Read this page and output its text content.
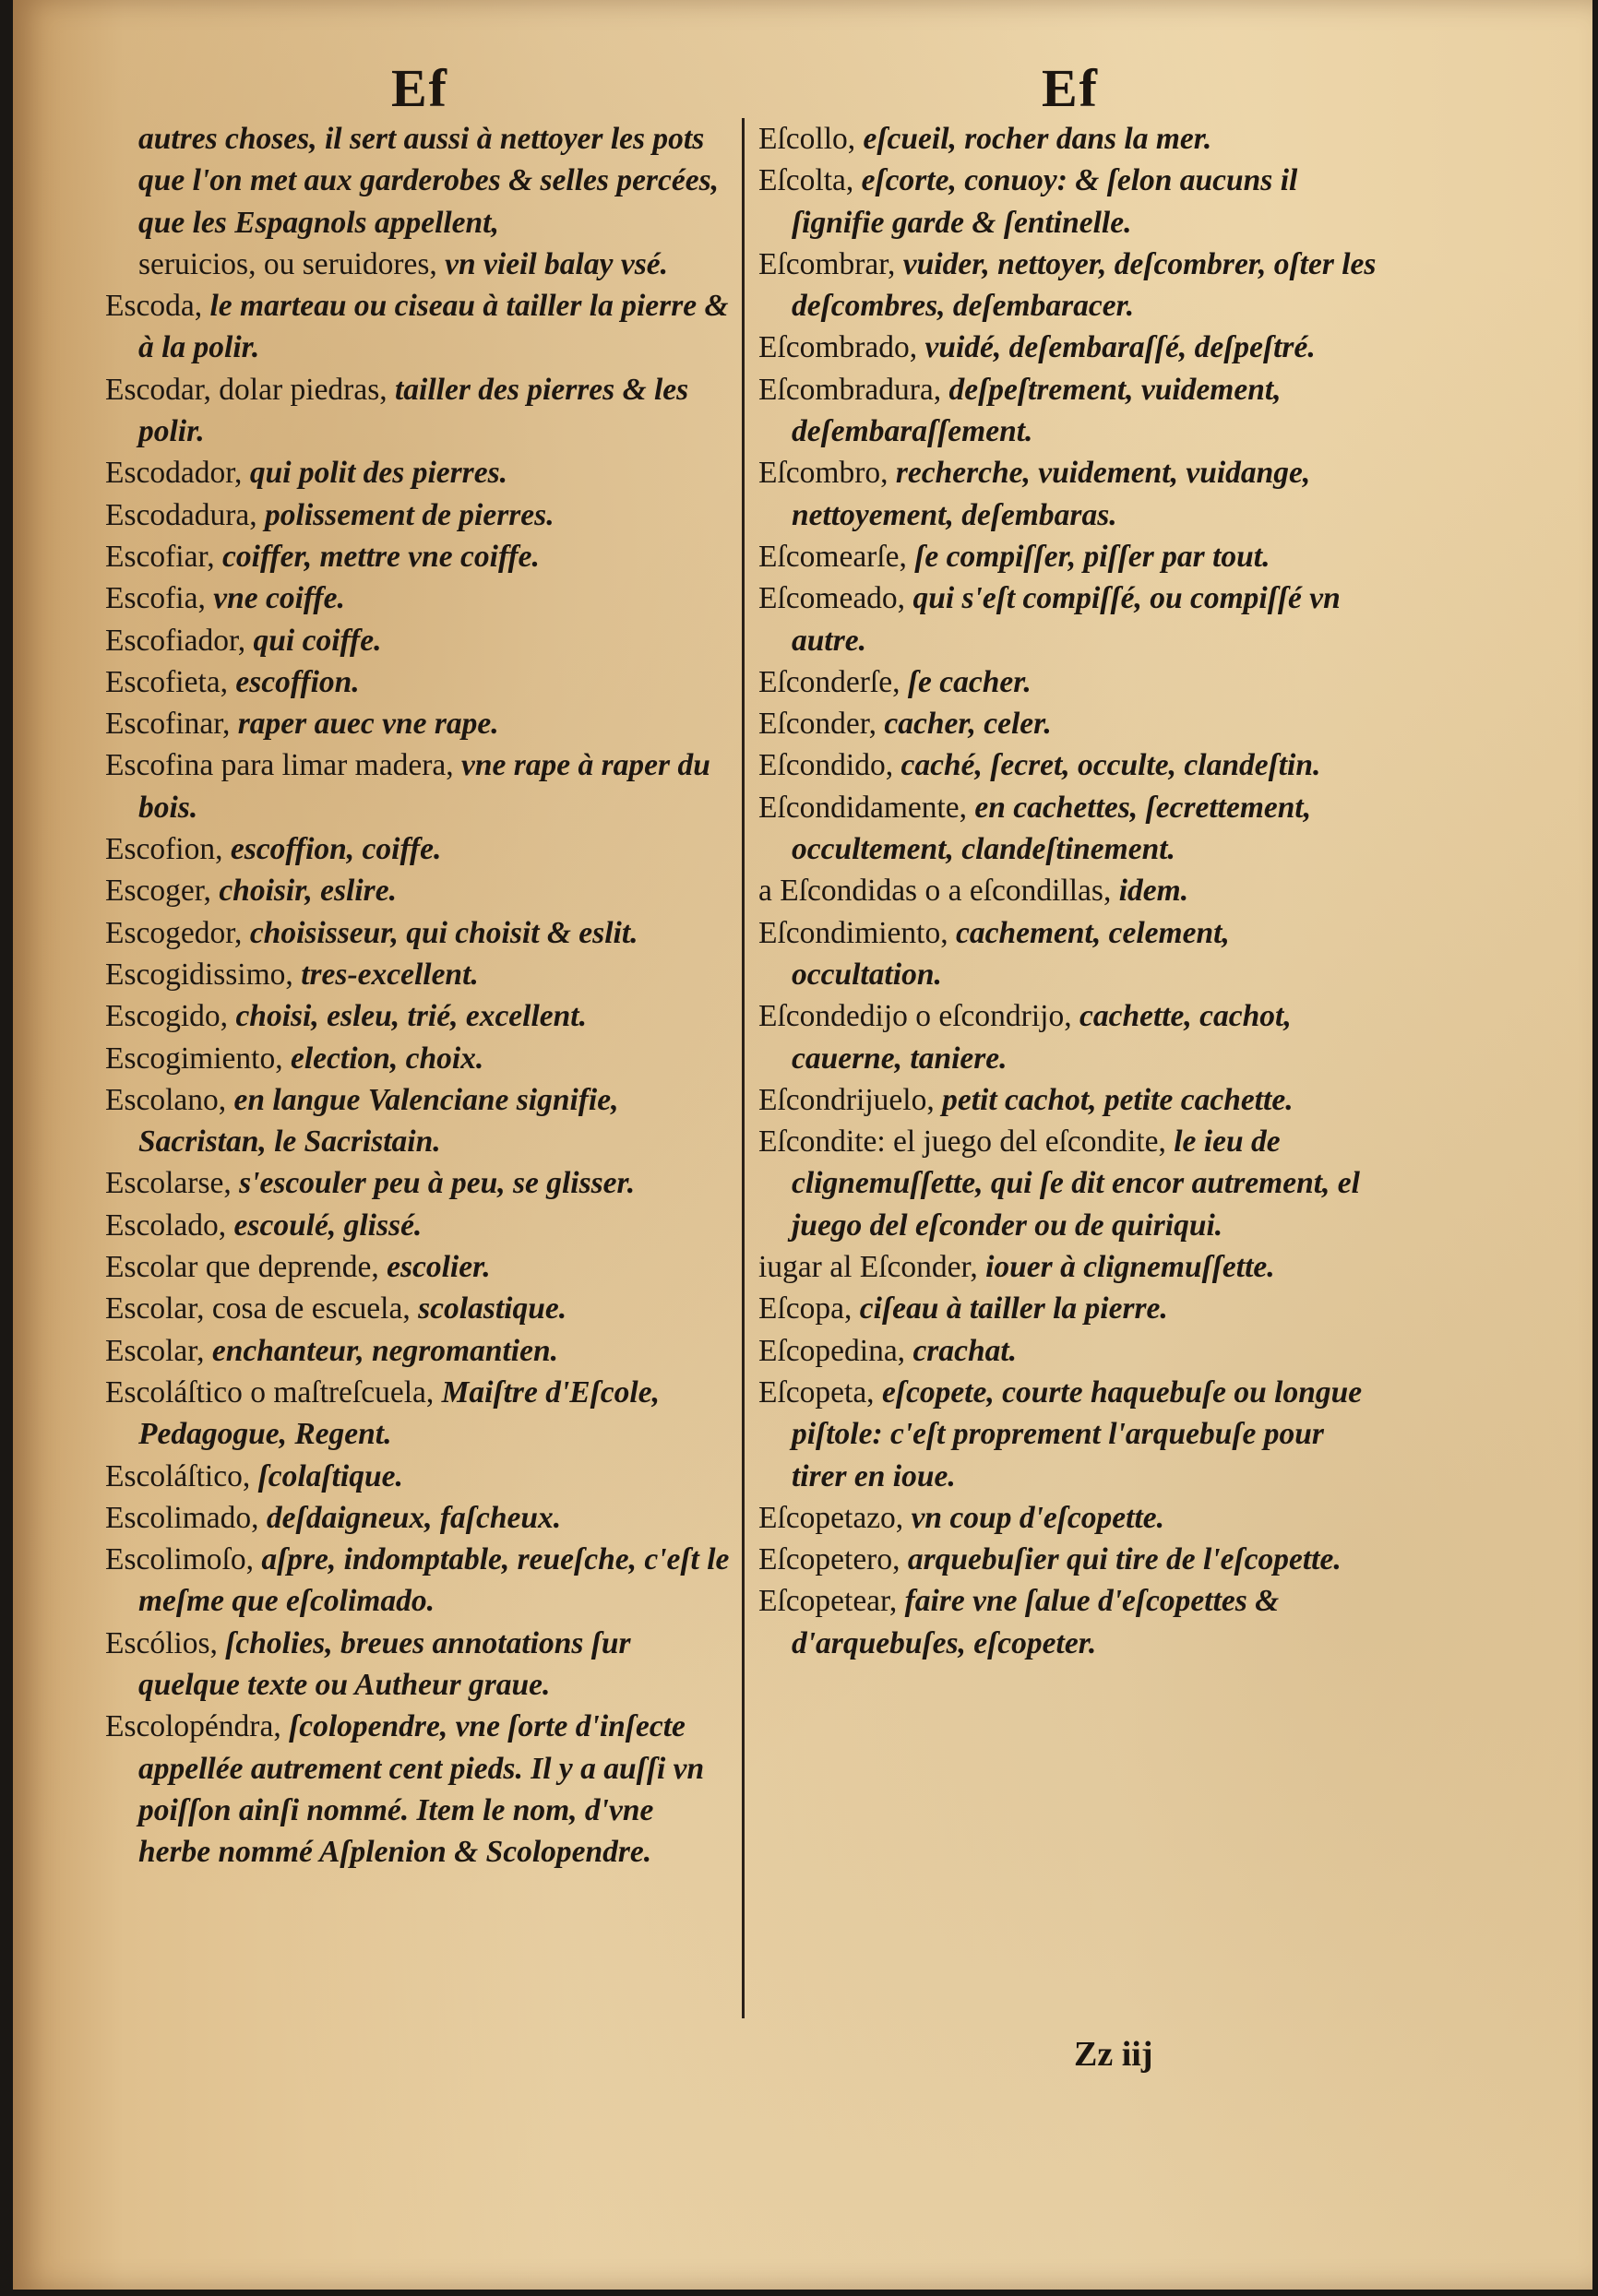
Ef	Ef
autres choses, il sert aussi à nettoyer les pots que l'on met aux garderobes & selles percées, que les Espagnols appellent,
seruicios, ou seruidores, vn vieil balay vsé.
Escoda, le marteau ou ciseau à tailler la pierre & à la polir.
Escodar, dolar piedras, tailler des pierres & les polir.
Escodador, qui polit des pierres.
Escodadura, polissement de pierres.
Escofiar, coiffer, mettre vne coiffe.
Escofia, vne coiffe.
Escofiador, qui coiffe.
Escofieta, escoffion.
Escofinar, raper auec vne rape.
Escofina para limar madera, vne rape à raper du bois.
Escofion, escoffion, coiffe.
Escoger, choisir, eslire.
Escogedor, choisisseur, qui choisit & eslit.
Escogidissimo, tres-excellent.
Escogido, choisi, esleu, trié, excellent.
Escogimiento, election, choix.
Escolano, en langue Valenciane signifie, Sacristan, le Sacristain.
Escolarse, s'escouler peu à peu, se glisser.
Escolado, escoulé, glissé.
Escolar que deprende, escolier.
Escolar, cosa de escuela, scolastique.
Escolar, enchanteur, negromantien.
Escoláſtico o maſtreſcuela, Maiſtre d'Eſcole, Pedagogue, Regent.
Escoláſtico, ſcolaſtique.
Escolimado, deſdaigneux, faſcheux.
Escolimoſo, aſpre, indomptable, reueſche, c'eſt le meſme que eſcolimado.
Escólios, ſcholies, breues annotations ſur quelque texte ou Autheur graue.
Escolopéndra, ſcolopendre, vne ſorte d'inſecte appellée autrement cent pieds. Il y a auſſi vn poiſſon ainſi nommé. Item le nom, d'vne herbe nommé Aſplenion & Scolopendre.
Eſcollo, eſcueil, rocher dans la mer.
Eſcolta, eſcorte, conuoy: & ſelon aucuns il ſignifie garde & ſentinelle.
Eſcombrar, vuider, nettoyer, deſcombrer, oſter les deſcombres, deſembaracer.
Eſcombrado, vuidé, deſembaraſſé, deſpeſtré.
Eſcombradura, deſpeſtrement, vuidement, deſembaraſſement.
Eſcombro, recherche, vuidement, vuidange, nettoyement, deſembaras.
Eſcomearſe, ſe compiſſer, piſſer par tout.
Eſcomeado, qui s'eſt compiſſé, ou compiſſé vn autre.
Eſconderſe, ſe cacher.
Eſconder, cacher, celer.
Eſcondido, caché, ſecret, occulte, clandeſtin.
Eſcondidamente, en cachettes, ſecrettement, occultement, clandeſtinement.
a Eſcondidas o a eſcondillas, idem.
Eſcondimiento, cachement, celement, occultation.
Eſcondedijo o eſcondrijo, cachette, cachot, cauerne, taniere.
Eſcondrijuelo, petit cachot, petite cachette.
Eſcondite: el juego del eſcondite, le ieu de clignemuſſette, qui ſe dit encor autrement, el juego del eſconder ou de quiriqui.
iugar al Eſconder, iouer à clignemuſſette.
Eſcopa, ciſeau à tailler la pierre.
Eſcopedina, crachat.
Eſcopeta, eſcopete, courte haquebuſe ou longue piſtole: c'eſt proprement l'arquebuſe pour tirer en ioue.
Eſcopetazo, vn coup d'eſcopette.
Eſcopetero, arquebuſier qui tire de l'eſcopette.
Eſcopetear, faire vne ſalue d'eſcopettes & d'arquebuſes, eſcopeter.
Zz iij
